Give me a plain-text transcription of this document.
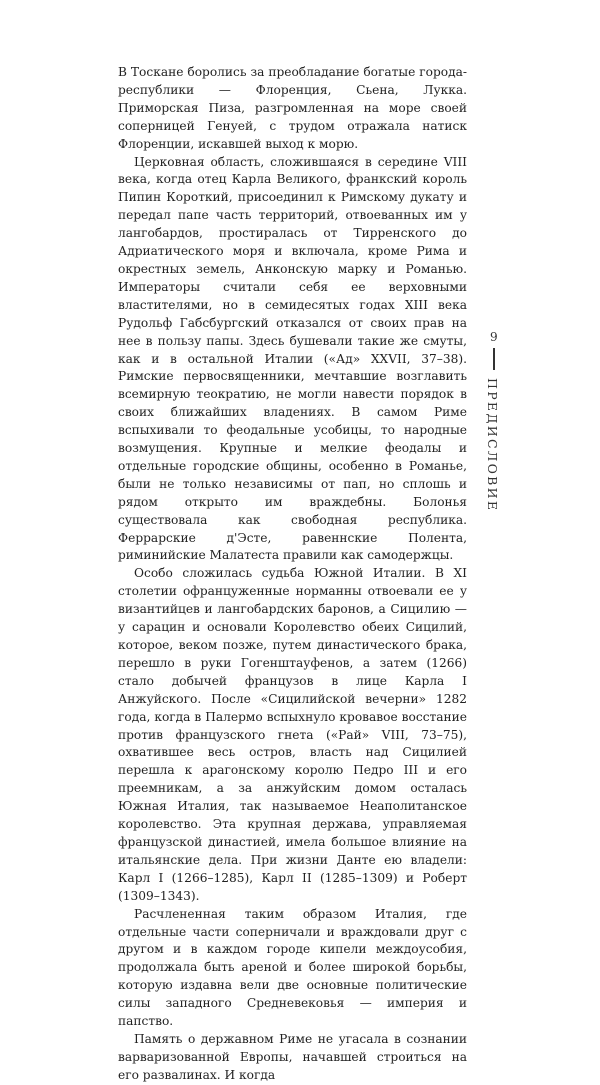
В Тоскане боролись за преобладание богатые города-республики — Флоренция, Сьена, Лукка. Приморская Пиза, разгромленная на море своей соперницей Генуей, с трудом отражала натиск Флоренции, искавшей выход к морю.

Церковная область, сложившаяся в середине VIII века, когда отец Карла Великого, франкский король Пипин Короткий, присоединил к Римскому дукату и передал папе часть территорий, отвоеванных им у лангобардов, простиралась от Тирренского до Адриатического моря и включала, кроме Рима и окрестных земель, Анконскую марку и Романью. Императоры считали себя ее верховными властителями, но в семидесятых годах XIII века Рудольф Габсбургский отказался от своих прав на нее в пользу папы. Здесь бушевали такие же смуты, как и в остальной Италии («Ад» XXVII, 37–38). Римские первосвященники, мечтавшие возглавить всемирную теократию, не могли навести порядок в своих ближайших владениях. В самом Риме вспыхивали то феодальные усобицы, то народные возмущения. Крупные и мелкие феодалы и отдельные городские общины, особенно в Романье, были не только независимы от пап, но сплошь и рядом открыто им враждебны. Болонья существовала как свободная республика. Феррарские д'Эсте, равеннские Полента, риминийские Малатеста правили как самодержцы.

Особо сложилась судьба Южной Италии. В XI столетии офранцуженные норманны отвоевали ее у византийцев и лангобардских баронов, а Сицилию — у сарацин и основали Королевство обеих Сицилий, которое, веком позже, путем династического брака, перешло в руки Гогенштауфенов, а затем (1266) стало добычей французов в лице Карла I Анжуйского. После «Сицилийской вечерни» 1282 года, когда в Палермо вспыхнуло кровавое восстание против французского гнета («Рай» VIII, 73–75), охватившее весь остров, власть над Сицилией перешла к арагонскому королю Педро III и его преемникам, а за анжуйским домом осталась Южная Италия, так называемое Неаполитанское королевство. Эта крупная держава, управляемая французской династией, имела большое влияние на итальянские дела. При жизни Данте ею владели: Карл I (1266–1285), Карл II (1285–1309) и Роберт (1309–1343).

Расчлененная таким образом Италия, где отдельные части соперничали и враждовали друг с другом и в каждом городе кипели междоусобия, продолжала быть ареной и более широкой борьбы, которую издавна вели две основные политические силы западного Средневековья — империя и папство.

Память о державном Риме не угасала в сознании варваризованной Европы, начавшей строиться на его развалинах. И когда

9
ПРЕДИСЛОВИЕ
